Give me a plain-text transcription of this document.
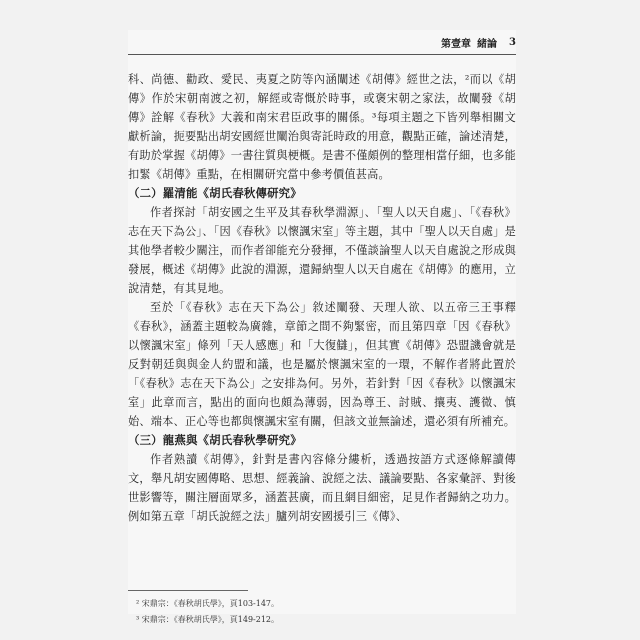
第壹章 緒論 3

科、尚德、勸政、愛民、夷夏之防等內涵闡述《胡傳》經世之法，²而以《胡傳》作於宋朝南渡之初，解經或寄慨於時事，或褒宋朝之家法，故闡發《胡傳》詮解《春秋》大義和南宋君臣政事的關係。³每項主題之下皆列舉相關文獻析論，扼要點出胡安國經世闡治與寄託時政的用意，觀點正確，論述清楚，有助於掌握《胡傳》一書往質與梗概。是書不僅頗例的整理相當仔細，也多能扣緊《胡傳》重點，在相關研究當中參考價值甚高。

（二）羅清能《胡氏春秋傳研究》

作者探討「胡安國之生平及其春秋學淵源」、「聖人以天自處」、「《春秋》志在天下為公」、「因《春秋》以懷諷宋室」等主題，其中「聖人以天自處」是其他學者較少關注，而作者卻能充分發揮，不僅談論聖人以天自處說之形成與發展，概述《胡傳》此說的淵源，還歸納聖人以天自處在《胡傳》的應用，立說清楚，有其見地。

至於「《春秋》志在天下為公」敘述闡發、天理人欲、以五帝三王事釋《春秋》，涵蓋主題較為廣雜，章節之間不夠緊密，而且第四章「因《春秋》以懷諷宋室」條列「天人感應」和「大復讎」，但其實《胡傳》恐盟譏會就是反對朝廷與與金人約盟和議，也是屬於懷諷宋室的一環，不解作者將此置於「《春秋》志在天下為公」之安排為何。另外，若針對「因《春秋》以懷諷宋室」此章而言，點出的面向也頗為薄弱，因為尊王、討賊、攘夷、護微、慎始、端本、正心等也都與懷諷宋室有關，但該文並無論述，還必須有所補充。

（三）龍燕與《胡氏春秋學研究》

作者熟讀《胡傳》，針對是書內容條分縷析，透過按語方式逐條解讀傳文，舉凡胡安國傳略、思想、經義論、說經之法、議論要點、各家彙評、對後世影響等，關注層面眾多，涵蓋甚廣，而且網目細密，足見作者歸納之功力。例如第五章「胡氏說經之法」臚列胡安國援引三《傳》、

² 宋鼎宗：《春秋胡氏學》，頁103-147。
³ 宋鼎宗：《春秋胡氏學》，頁149-212。
